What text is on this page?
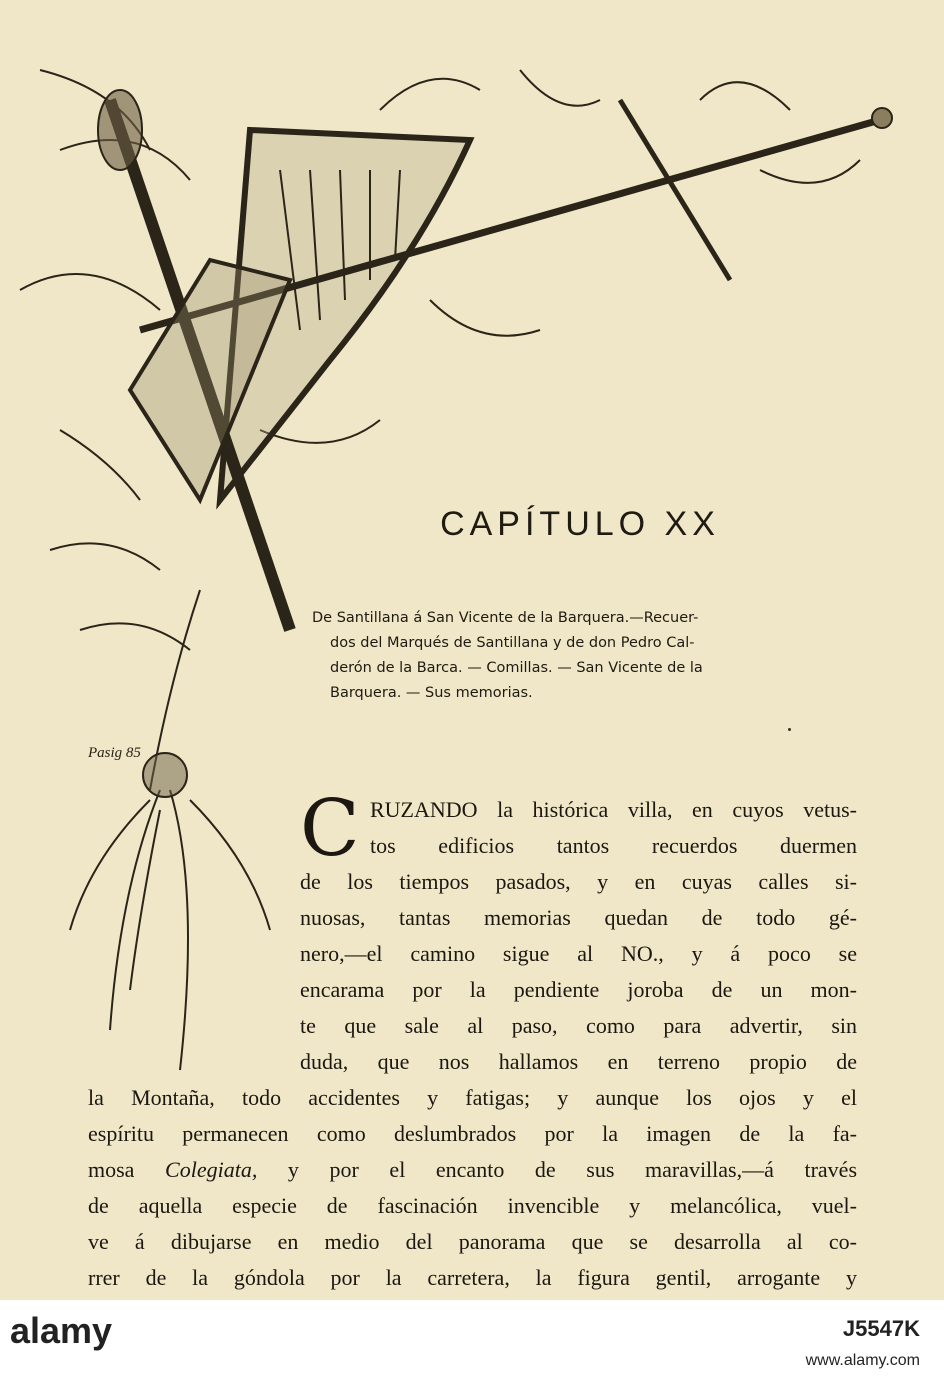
Pasig 85
CAPÍTULO XX
De Santillana á San Vicente de la Barquera.—Recuer-
dos del Marqués de Santillana y de don Pedro Cal-
derón de la Barca. — Comillas. — San Vicente de la
Barquera. — Sus memorias.
C RUZANDO la histórica villa, en cuyos vetus-
tos edificios tantos recuerdos duermen
de los tiempos pasados, y en cuyas calles si-
nuosas, tantas memorias quedan de todo gé-
nero,—el camino sigue al NO., y á poco se
encarama por la pendiente joroba de un mon-
te que sale al paso, como para advertir, sin
duda, que nos hallamos en terreno propio de
la Montaña, todo accidentes y fatigas; y aunque los ojos y el
espíritu permanecen como deslumbrados por la imagen de la fa-
mosa Colegiata, y por el encanto de sus maravillas,—á través
de aquella especie de fascinación invencible y melancólica, vuel-
ve á dibujarse en medio del panorama que se desarrolla al co-
rrer de la góndola por la carretera, la figura gentil, arrogante y
alamy	J5547K
www.alamy.com
